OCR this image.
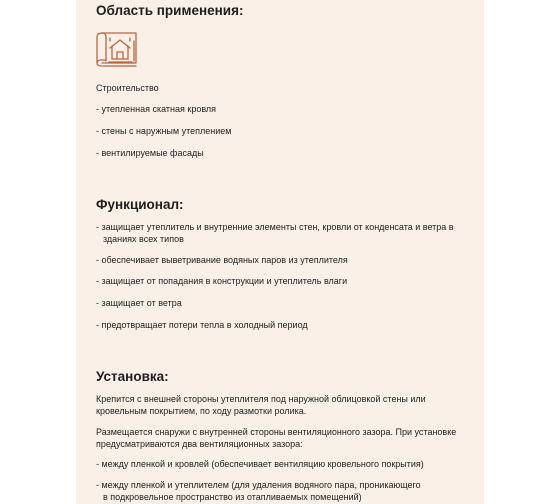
Область применения:
Строительство
- утепленная скатная кровля
- стены с наружным утеплением
- вентилируемые фасады
Функционал:
- защищает утеплитель и внутренние элементы стен, кровли от конденсата и ветра в
зданиях всех типов
- обеспечивает выветривание водяных паров из утеплителя
- защищает от попадания в конструкции и утеплитель влаги
- защищает от ветра
- предотвращает потери тепла в холодный период
Установка:
Крепится с внешней стороны утеплителя под наружной облицовкой стены или
кровельным покрытием, по ходу размотки ролика.
Размещается снаружи с внутренней стороны вентиляционного зазора. При установке
предусматриваются два вентиляционных зазора:
- между пленкой и кровлей (обеспечивает вентиляцию кровельного покрытия)
- между пленкой и утеплителем (для удаления водяного пара, проникающего
в подкровельное пространство из отапливаемых помещений)
